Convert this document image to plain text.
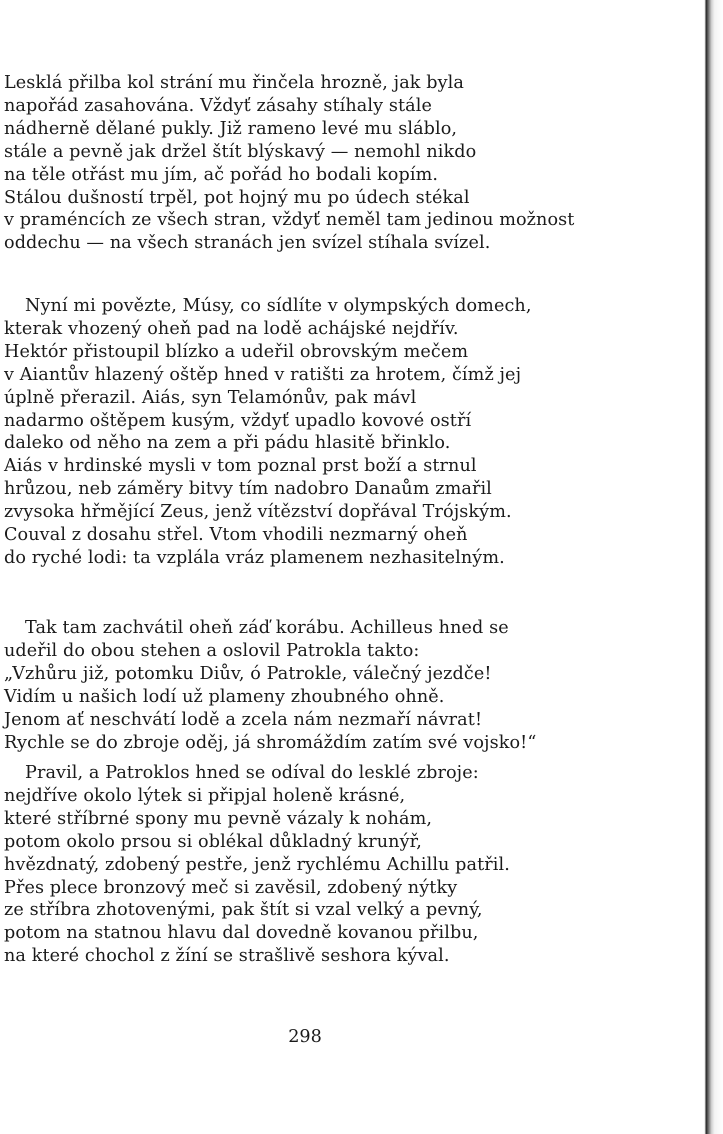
Lesklá přilba kol strání mu řinčela hrozně, jak byla
napořád zasahována. Vždyť zásahy stíhaly stále
nádherně dělané pukly. Již rameno levé mu sláblo,
stále a pevně jak držel štít blýskavý — nemohl nikdo
na těle otřást mu jím, ač pořád ho bodali kopím.
Stálou dušností trpěl, pot hojný mu po údech stékal
v praméncích ze všech stran, vždyť neměl tam jedinou možnost
oddechu — na všech stranách jen svízel stíhala svízel.
Nyní mi povězte, Músy, co sídlíte v olympských domech,
kterak vhozený oheň pad na lodě achájské nejdřív.
Hektór přistoupil blízko a udeřil obrovským mečem
v Aiantův hlazený oštěp hned v ratišti za hrotem, čímž jej
úplně přerazil. Aiás, syn Telamónův, pak mávl
nadarmo oštěpem kusým, vždyť upadlo kovové ostří
daleko od něho na zem a při pádu hlasitě břinklo.
Aiás v hrdinské mysli v tom poznal prst boží a strnul
hrůzou, neb záměry bitvy tím nadobro Danaům zmařil
zvysoka hřmějící Zeus, jenž vítězství dopřával Trójským.
Couval z dosahu střel. Vtom vhodili nezmarný oheň
do ryché lodi: ta vzplála vráz plamenem nezhasitelným.
Tak tam zachvátil oheň záď korábu. Achilleus hned se
udeřil do obou stehen a oslovil Patrokla takto:
„Vzhůru již, potomku Diův, ó Patrokle, válečný jezdče!
Vidím u našich lodí už plameny zhoubného ohně.
Jenom ať neschvátí lodě a zcela nám nezmaří návrat!
Rychle se do zbroje oděj, já shromáždím zatím své vojsko!“
Pravil, a Patroklos hned se odíval do lesklé zbroje:
nejdříve okolo lýtek si připjal holeně krásné,
které stříbrné spony mu pevně vázaly k nohám,
potom okolo prsou si oblékal důkladný krunýř,
hvězdnatý, zdobený pestře, jenž rychlému Achillu patřil.
Přes plece bronzový meč si zavěsil, zdobený nýtky
ze stříbra zhotovenými, pak štít si vzal velký a pevný,
potom na statnou hlavu dal dovedně kovanou přilbu,
na které chochol z žíní se strašlivě seshora kýval.
298
